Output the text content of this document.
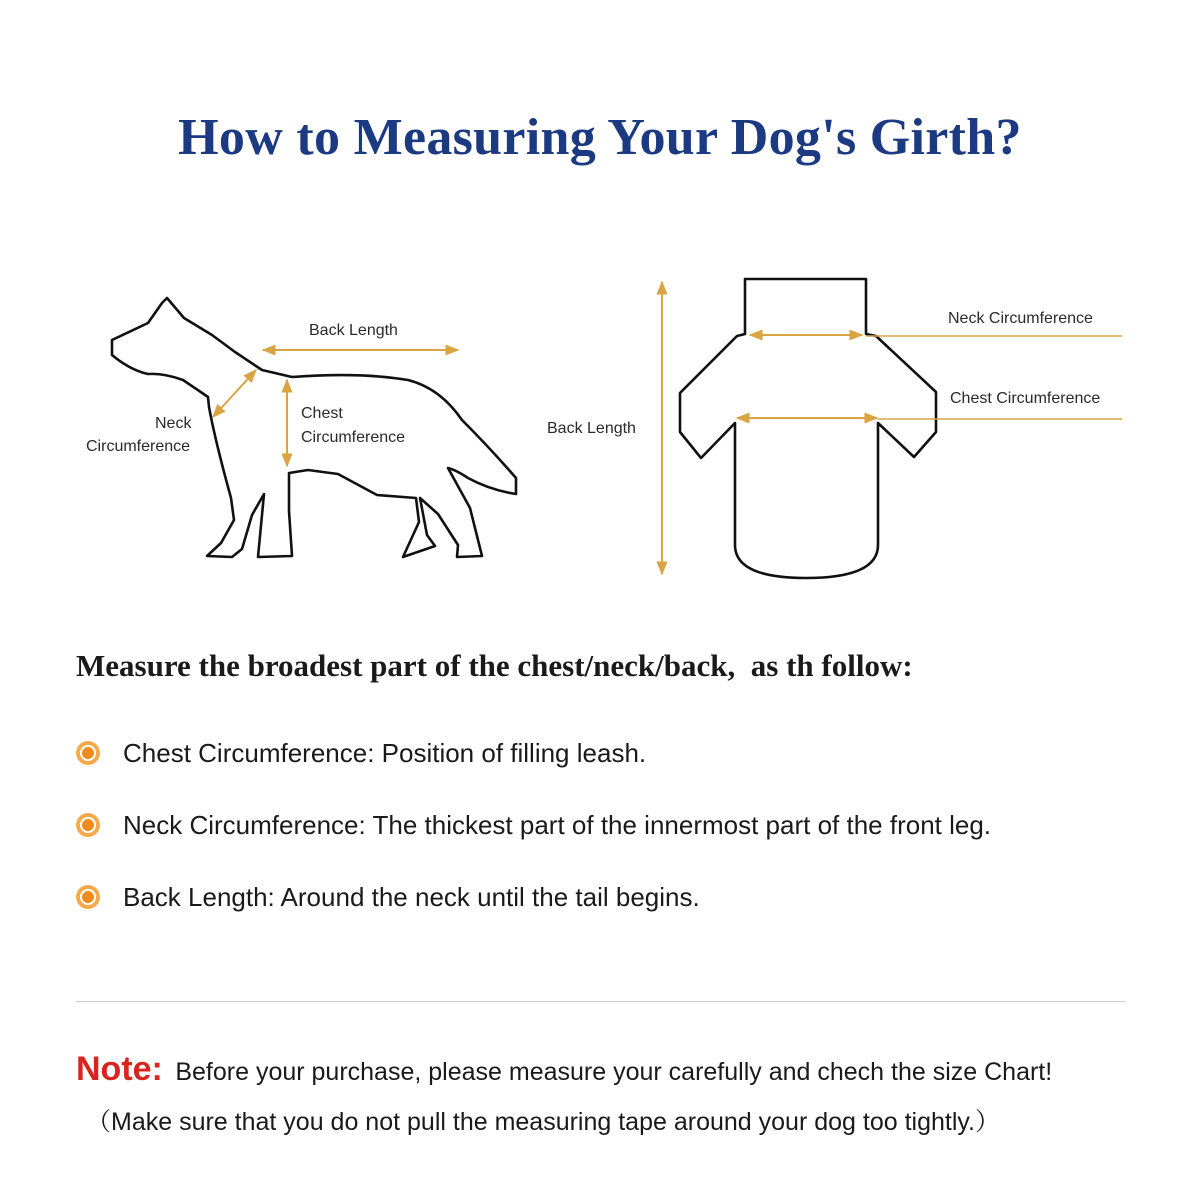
How to Measuring Your Dog's Girth?
Back Length
Chest
Circumference
Neck
Circumference
Neck Circumference
Chest Circumference
Back Length
Measure the broadest part of the chest/neck/back,  as th follow:
Chest Circumference: Position of filling leash.
Neck Circumference: The thickest part of the innermost part of the front leg.
Back Length: Around the neck until the tail begins.
Note: Before your purchase, please measure your carefully and chech the size Chart!
（Make sure that you do not pull the measuring tape around your dog too tightly.）
